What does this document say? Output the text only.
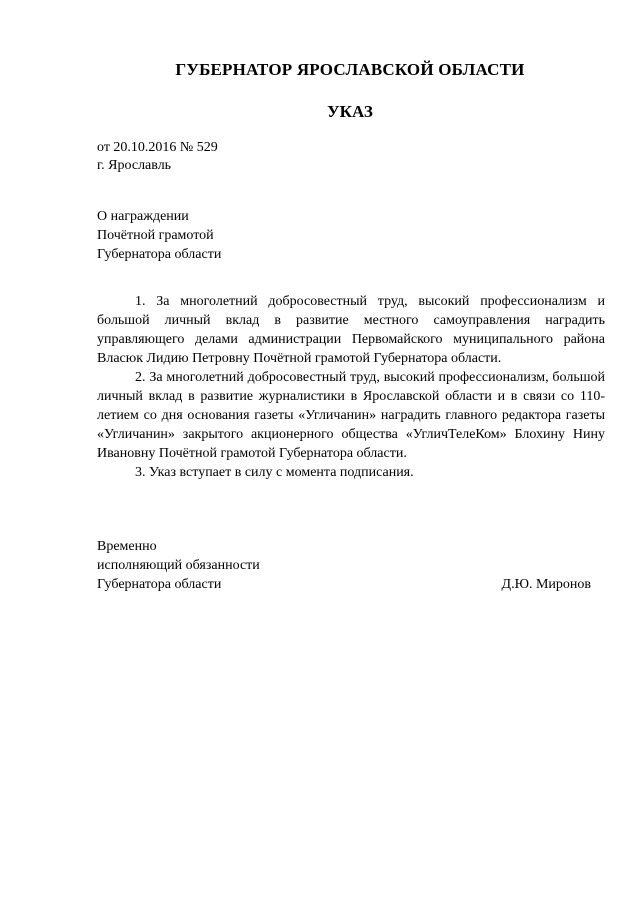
ГУБЕРНАТОР ЯРОСЛАВСКОЙ ОБЛАСТИ
УКАЗ
от 20.10.2016 № 529
г. Ярославль
О награждении
Почётной грамотой
Губернатора области

1. За многолетний добросовестный труд, высокий профессионализм и большой личный вклад в развитие местного самоуправления наградить управляющего делами администрации Первомайского муниципального района Власюк Лидию Петровну Почётной грамотой Губернатора области.

2. За многолетний добросовестный труд, высокий профессионализм, большой личный вклад в развитие журналистики в Ярославской области и в связи со 110-летием со дня основания газеты «Угличанин» наградить главного редактора газеты «Угличанин» закрытого акционерного общества «УгличТелеКом» Блохину Нину Ивановну Почётной грамотой Губернатора области.

3. Указ вступает в силу с момента подписания.

Временно
исполняющий обязанности
Губернатора области	Д.Ю. Миронов
